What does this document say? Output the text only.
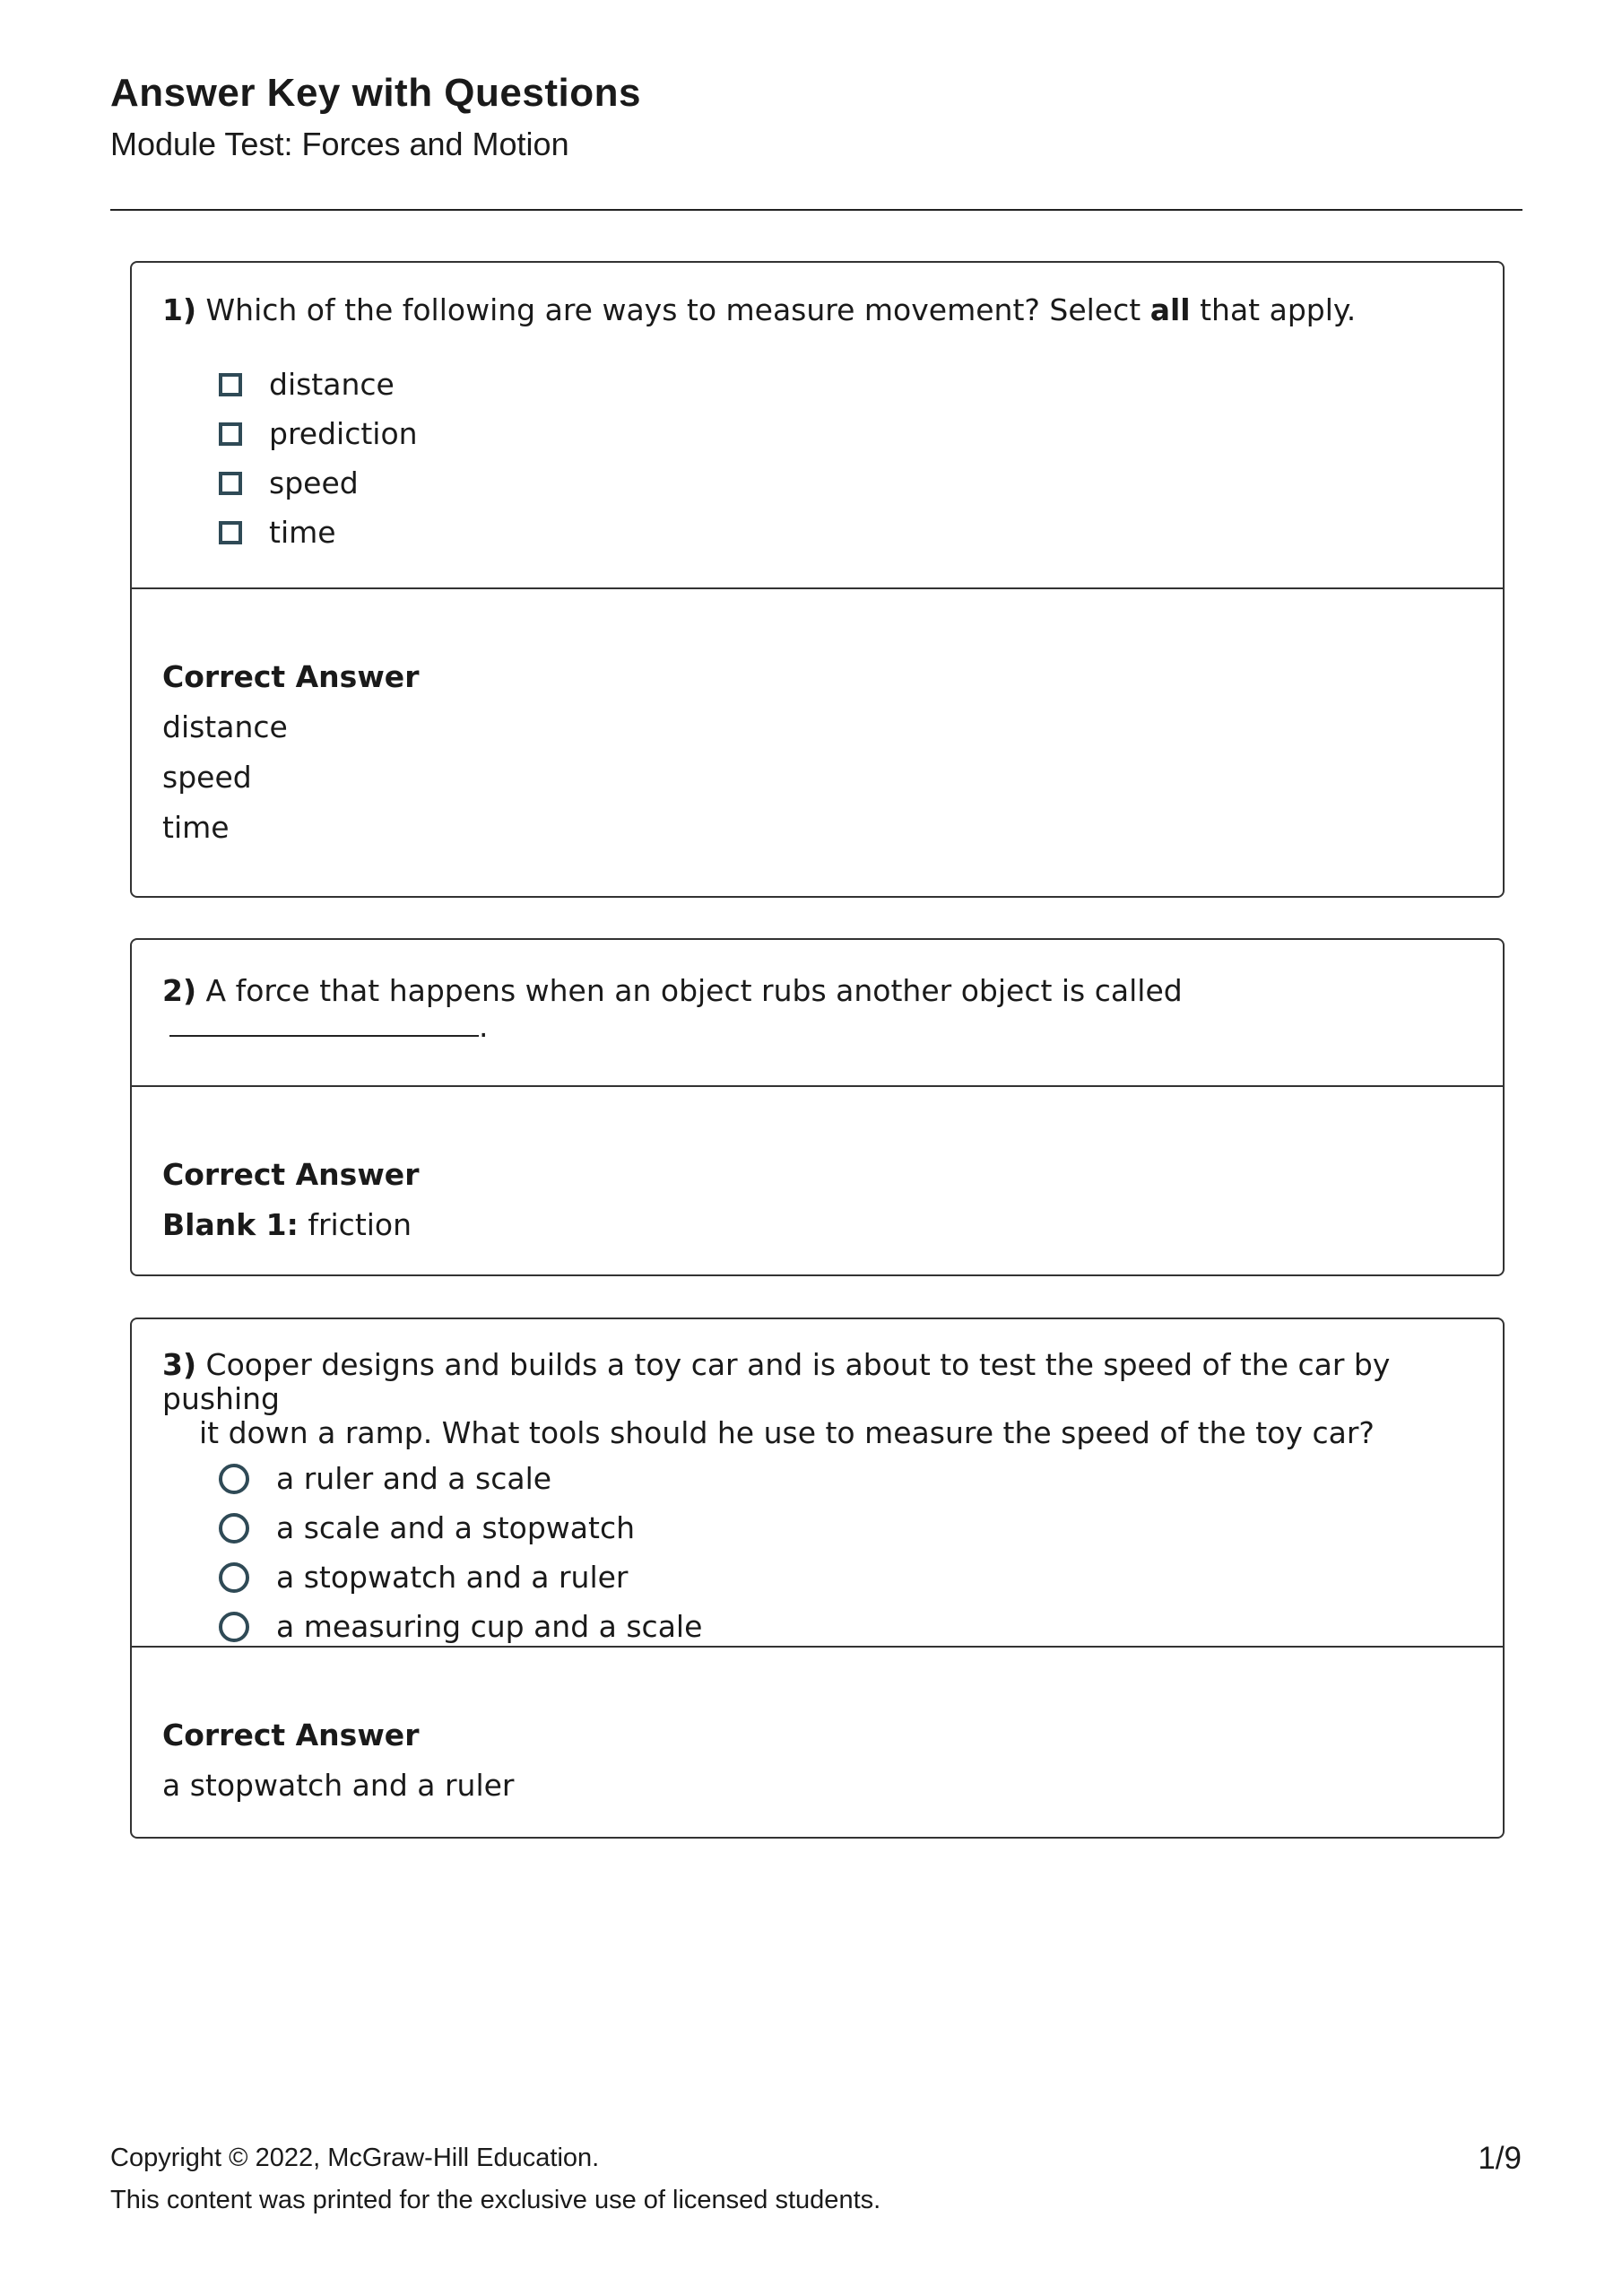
Answer Key with Questions
Module Test: Forces and Motion
1) Which of the following are ways to measure movement? Select all that apply.
distance
prediction
speed
time
Correct Answer
distance
speed
time
2) A force that happens when an object rubs another object is called.
Correct Answer
Blank 1: friction
3) Cooper designs and builds a toy car and is about to test the speed of the car by pushing
it down a ramp. What tools should he use to measure the speed of the toy car?
a ruler and a scale
a scale and a stopwatch
a stopwatch and a ruler
a measuring cup and a scale
Correct Answer
a stopwatch and a ruler
Copyright © 2022, McGraw-Hill Education.
This content was printed for the exclusive use of licensed students.
1/9
